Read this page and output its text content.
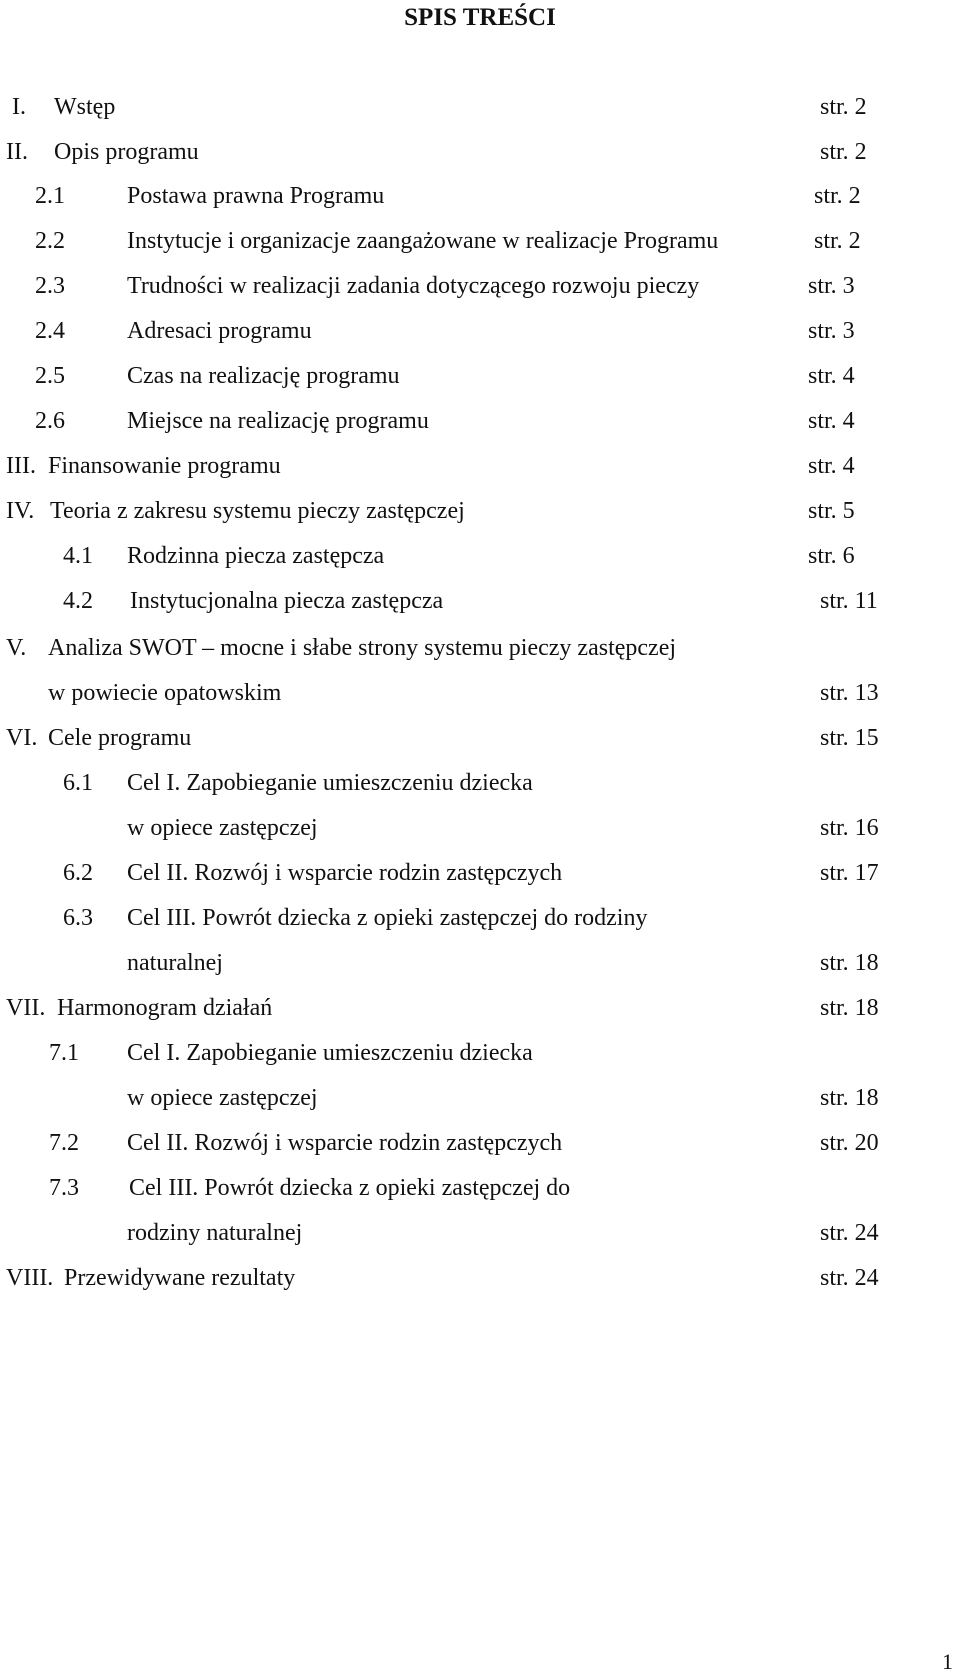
SPIS TREŚCI
I. Wstęp	str. 2
II. Opis programu	str. 2
2.1	Postawa prawna Programu	str. 2
2.2	Instytucje i organizacje zaangażowane w realizacje Programu	str. 2
2.3	Trudności w realizacji zadania dotyczącego rozwoju pieczy	str. 3
2.4	Adresaci programu	str. 3
2.5	Czas na realizację programu	str. 4
2.6	Miejsce na realizację programu	str. 4
III. Finansowanie programu	str. 4
IV. Teoria z zakresu systemu pieczy zastępczej	str. 5
4.1 Rodzinna piecza zastępcza	str. 6
4.2 Instytucjonalna piecza zastępcza	str. 11
V. Analiza SWOT – mocne i słabe strony systemu pieczy zastępczej
w powiecie opatowskim	str. 13
VI. Cele programu	str. 15
6.1 Cel I. Zapobieganie umieszczeniu dziecka
w opiece zastępczej	str. 16
6.2 Cel II. Rozwój i wsparcie rodzin zastępczych	str. 17
6.3 Cel III. Powrót dziecka z opieki zastępczej do rodziny
naturalnej	str. 18
VII. Harmonogram działań	str. 18
7.1 Cel I. Zapobieganie umieszczeniu dziecka
w opiece zastępczej	str. 18
7.2 Cel II. Rozwój i wsparcie rodzin zastępczych	str. 20
7.3 Cel III. Powrót dziecka z opieki zastępczej do
rodziny naturalnej	str. 24
VIII. Przewidywane rezultaty	str. 24
1
